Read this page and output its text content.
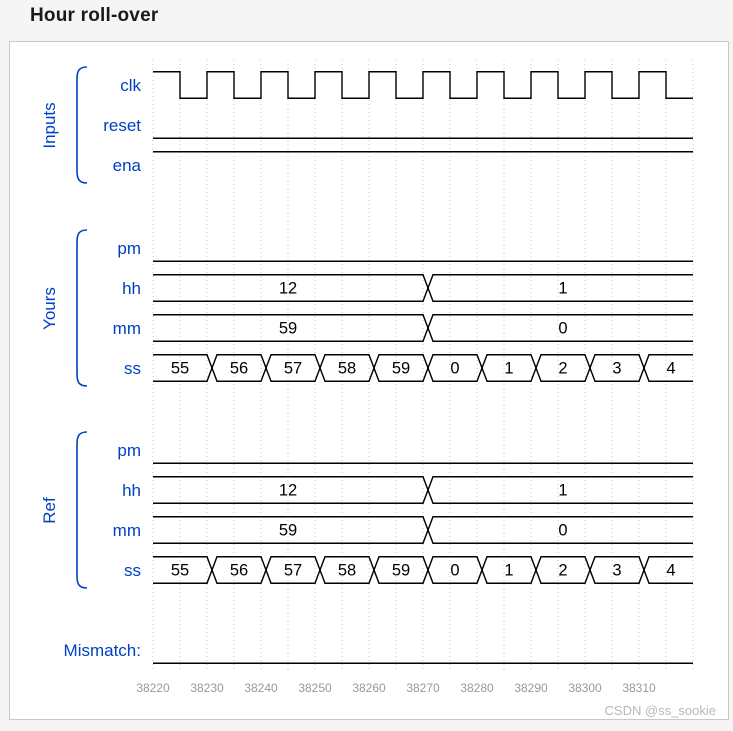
Hour roll-over
38220 38230 38240 38250 38260 38270 38280 38290 38300 38310
Inputs
clk
reset
ena
Yours
pm
hh	12	1
mm	59	0
ss 55 56 57 58 59 0	1	2	3	4
Ref
pm
hh	12	1
mm	59	0
ss 55 56 57 58 59 0	1	2	3	4
Mismatch:
CSDN @ss_sookie
